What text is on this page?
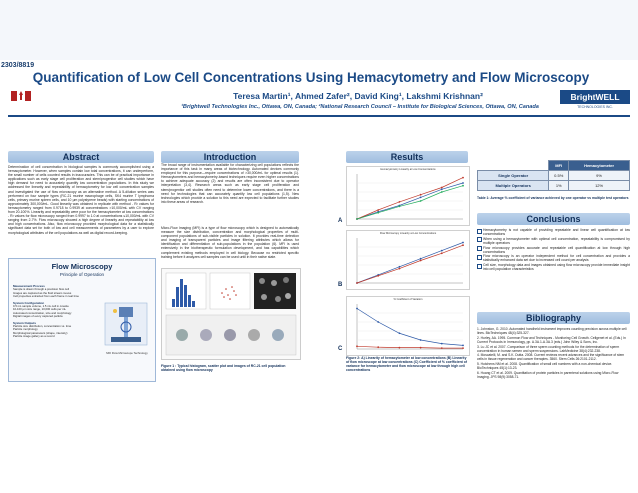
2303/8819
Quantification of Low Cell Concentrations Using Hemacytometry and Flow Microscopy
Teresa Martin¹, Ahmed Zafer², David King¹, Lakshmi Krishnan²
¹Brightwell Technologies Inc., Ottawa, ON, Canada; ²National Research Council – Institute for Biological Sciences, Ottawa, ON, Canada
BrightWELL
TECHNOLOGIES INC.
Abstract
Determination of cell concentration in biological samples is commonly accomplished using a hemacytometer. However, when samples contain low total concentrations, it can underperform, the small number of cells counted results in inaccuracies. This can be of practical importance in applications such as early stage cell proliferation and stem/progenitor cell studies which have high demand for need to accurately quantify low concentration populations. In this study we addressed the linearity and repeatability of hemacytometry for low cell concentration samples and investigated the use of flow microscopy as an alternative method. A 5-dilution series was performed on four sample types (RC-21 murine macrophage cells, SK4 murine T lymphoma cells, primary murine spleen cells, and 10 µm polystyrene beads) with starting concentrations of approximately 300,000/mL. Good linearity was obtained in replicate with method - R² values for hemacytometry ranged from 0.9718 to 0.9939 at concentrations >10,000/mL with CV ranging from 20-100%. Linearity and repeatability were poor for the hemacytometer at low concentrations - R² values for flow microscopy ranged from 0.9997 to 1.0 at concentrations ≤10,000/mL with CV ranging from 2-7%. Flow microscopy showed a high degree of linearity and repeatability at low and high concentrations. Also, flow microscopy provided morphological data for a statistically significant data set for both of low and cell measurements of parameters by a user to explore morphological attributes of the cell populations as well as digital record-keeping.
Flow Microscopy
Principle of Operation
Measurement Process
Sample is drawn through a precision flow cell
Images are captured as the fluid stream moves
Cell properties extracted from each frame in real time
System Configuration
0.5 mL sample volume, 1.5 mL cell in cuvette
10-100 µm size range, 10,000 cells per mL
Automated concentration, size and morphology
Digital images of every captured particle
System Outputs
Particle size distribution, concentration vs. time
Particle morphology
Morphological parameters (shape, intensity)
Particle image gallery as a record
MFI Flow Microscope Technology
Introduction
The broad range of instrumentation available for characterizing cell populations reflects the importance of this task in many areas of biotechnology. Automated devices commonly employed for this purpose—require concentrations of >30,000/mL for optimal results (1). Hemacytometers and hemacytometry-based techniques require even higher concentrations to achieve adequate accuracy (2) and results are often inconsistent due to operator interpretation (3,4). Research areas such as early stage cell proliferation and stem/progenitor cell studies often need to determine lower concentrations, and there is a need for technologies that can accurately quantify low cell populations (1,5). New technologies which provide a solution to this need are expected to facilitate further studies into these areas of research.
Micro-Flow Imaging (MFI) is a type of flow microscopy which is designed to automatically measure the size distribution, concentration and morphological properties of multi-component populations of sub-visible particles in solution. It provides real-time detection and imaging of transparent particles and image filtering attributes which allows for identification and differentiation of sub-populations in the population (6). MFI is used extensively in the biotherapeutic formulation development, and has capabilities which complement existing methods employed in cell biology. Because no restricted specific training before it analyzes cell samples can be used until in their native state.
Figure 1 : Typical histogram, scatter plot and images of RC-21 cell population obtained using flow microscopy
Results
Hemacytometry Linearity at Low Concentrations
A
Flow Microscopy Linearity at Low Concentrations
B
% Coefficient of Variation
C
Figure 2: A) Linearity of hemacytometer at low concentrations (B) Linearity of flow microscope at low concentrations (C) Coefficient of % coefficient of variance for hemacytometer and flow microscope at low through high cell concentrations
	MFI	Hemacytometer
Single Operator	0.5%	9%
Multiple Operators	1%	12%
Table 1: Average % coefficient of variance achieved by one operator vs multiple test operators
Conclusions
Hemacytometry is not capable of providing repeatable and linear cell quantification at low concentrations
When using a hemacytometer with optimal cell concentration, repeatability is compromised by multiple operators
Flow microscopy provides accurate and repeatable cell quantification at low through high concentrations
Flow microscopy is an operator independent method for cell concentration and provides a statistically enhanced data set due to increased cell count per analysis
Cell size, morphology data and images obtained using flow microscopy provide immediate insight into cell population characteristics
Bibliography
1. Johnston, G. 2010. Automated handheld instrument improves counting precision across multiple cell lines. BioTechniques 48(4):325-327.
2. Hurley, AA. 1995. Common Flow and Techniques - Monitoring Cell Growth. Cellgenet et al. (Eds.) In Current Protocols in Immunology, pp. A.3A.1-A.3A.3 (eds.) John Wiley & Sons, Inc.
3. Lu JC et al. 2007. Comparison of three sperm counting methods for the determination of sperm concentration in human semen and sperm suspensions. LabMedicine 38(4):232-238.
4. Moscatelli, M. and S.K. Dutta. 2008. Current reviews recent advances and the significance of stem cells in tissue regeneration and cancer therapies. 3560. Stem Cells 26:2101-2112.
5. Hutchens NM et al. 2008. Quantification of small cell numbers with a non-chemical device. BioTechniques 45(1):13-23.
6. Huang CT et al. 2009. Quantitation of protein particles in parenteral solutions using Micro-Flow Imaging. JPS 98(9):3058-71.
